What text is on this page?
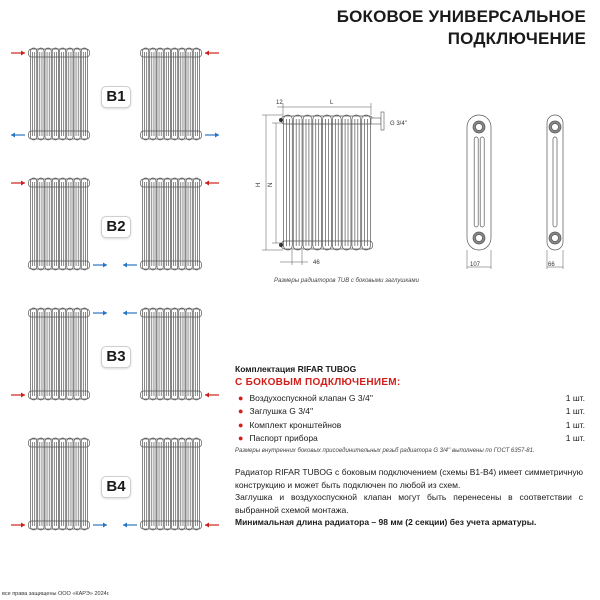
БОКОВОЕ УНИВЕРСАЛЬНОЕ
ПОДКЛЮЧЕНИЕ
B1
B2
B3
B4
12	L
H N
46
G 3/4''
107	66
Размеры радиаторов TUB с боковыми заглушками
Комплектация RIFAR TUBOG
С БОКОВЫМ ПОДКЛЮЧЕНИЕМ:
● Воздухоспускной клапан G 3/4''	1 шт.
● Заглушка G 3/4''	1 шт.
● Комплект кронштейнов	1 шт.
● Паспорт прибора	1 шт.
Размеры внутренних боковых присоединительных резьб радиатора G 3/4'' выполнены по ГОСТ 6357-81.

Радиатор RIFAR TUBOG с боковым подключением (схемы В1-В4) имеет симметричную конструкцию и может быть подключен по любой из схем.

Заглушка и воздухоспускной клапан могут быть перенесены в соответствии с выбранной схемой монтажа.

Минимальная длина радиатора – 98 мм (2 секции) без учета арматуры.

все права защищены ООО «КАРЭ» 2024г.
